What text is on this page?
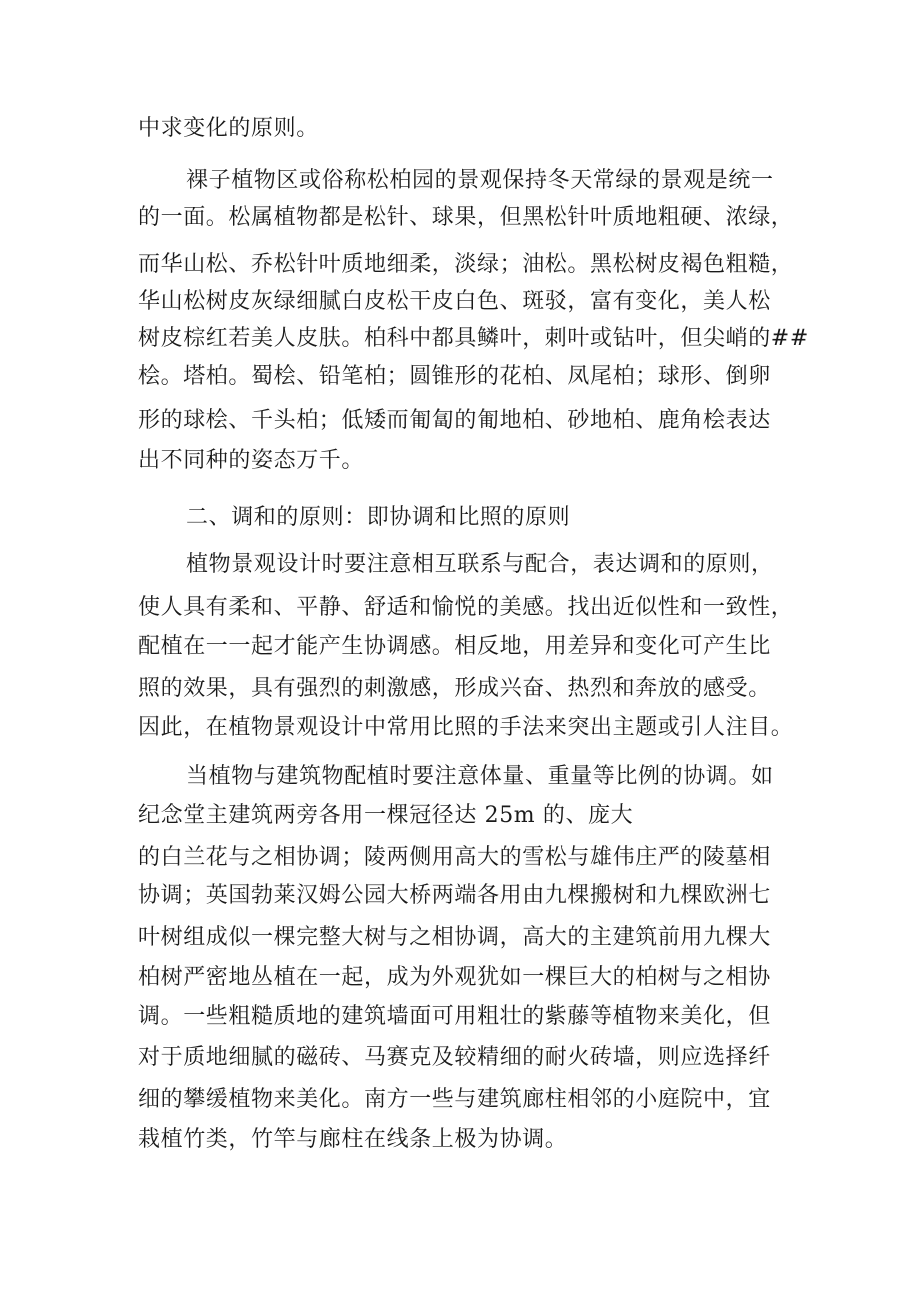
中求变化的原则。
裸子植物区或俗称松柏园的景观保持冬天常绿的景观是统一
的一面。松属植物都是松针、球果，但黑松针叶质地粗硬、浓绿，
而华山松、乔松针叶质地细柔，淡绿；油松。黑松树皮褐色粗糙，
华山松树皮灰绿细腻白皮松干皮白色、斑驳，富有变化，美人松
树皮棕红若美人皮肤。柏科中都具鳞叶，刺叶或钻叶，但尖峭的##
桧。塔柏。蜀桧、铅笔柏；圆锥形的花柏、凤尾柏；球形、倒卵
形的球桧、千头柏；低矮而匍匐的匍地柏、砂地柏、鹿角桧表达
出不同种的姿态万千。
二、调和的原则：即协调和比照的原则
植物景观设计时要注意相互联系与配合，表达调和的原则，
使人具有柔和、平静、舒适和愉悦的美感。找出近似性和一致性，
配植在一一起才能产生协调感。相反地，用差异和变化可产生比
照的效果，具有强烈的刺激感，形成兴奋、热烈和奔放的感受。
因此，在植物景观设计中常用比照的手法来突出主题或引人注目。
当植物与建筑物配植时要注意体量、重量等比例的协调。如
纪念堂主建筑两旁各用一棵冠径达 25m 的、庞大
的白兰花与之相协调；陵两侧用高大的雪松与雄伟庄严的陵墓相
协调；英国勃莱汉姆公园大桥两端各用由九棵搬树和九棵欧洲七
叶树组成似一棵完整大树与之相协调，高大的主建筑前用九棵大
柏树严密地丛植在一起，成为外观犹如一棵巨大的柏树与之相协
调。一些粗糙质地的建筑墙面可用粗壮的紫藤等植物来美化，但
对于质地细腻的磁砖、马赛克及较精细的耐火砖墙，则应选择纤
细的攀缓植物来美化。南方一些与建筑廊柱相邻的小庭院中，宜
栽植竹类，竹竿与廊柱在线条上极为协调。
